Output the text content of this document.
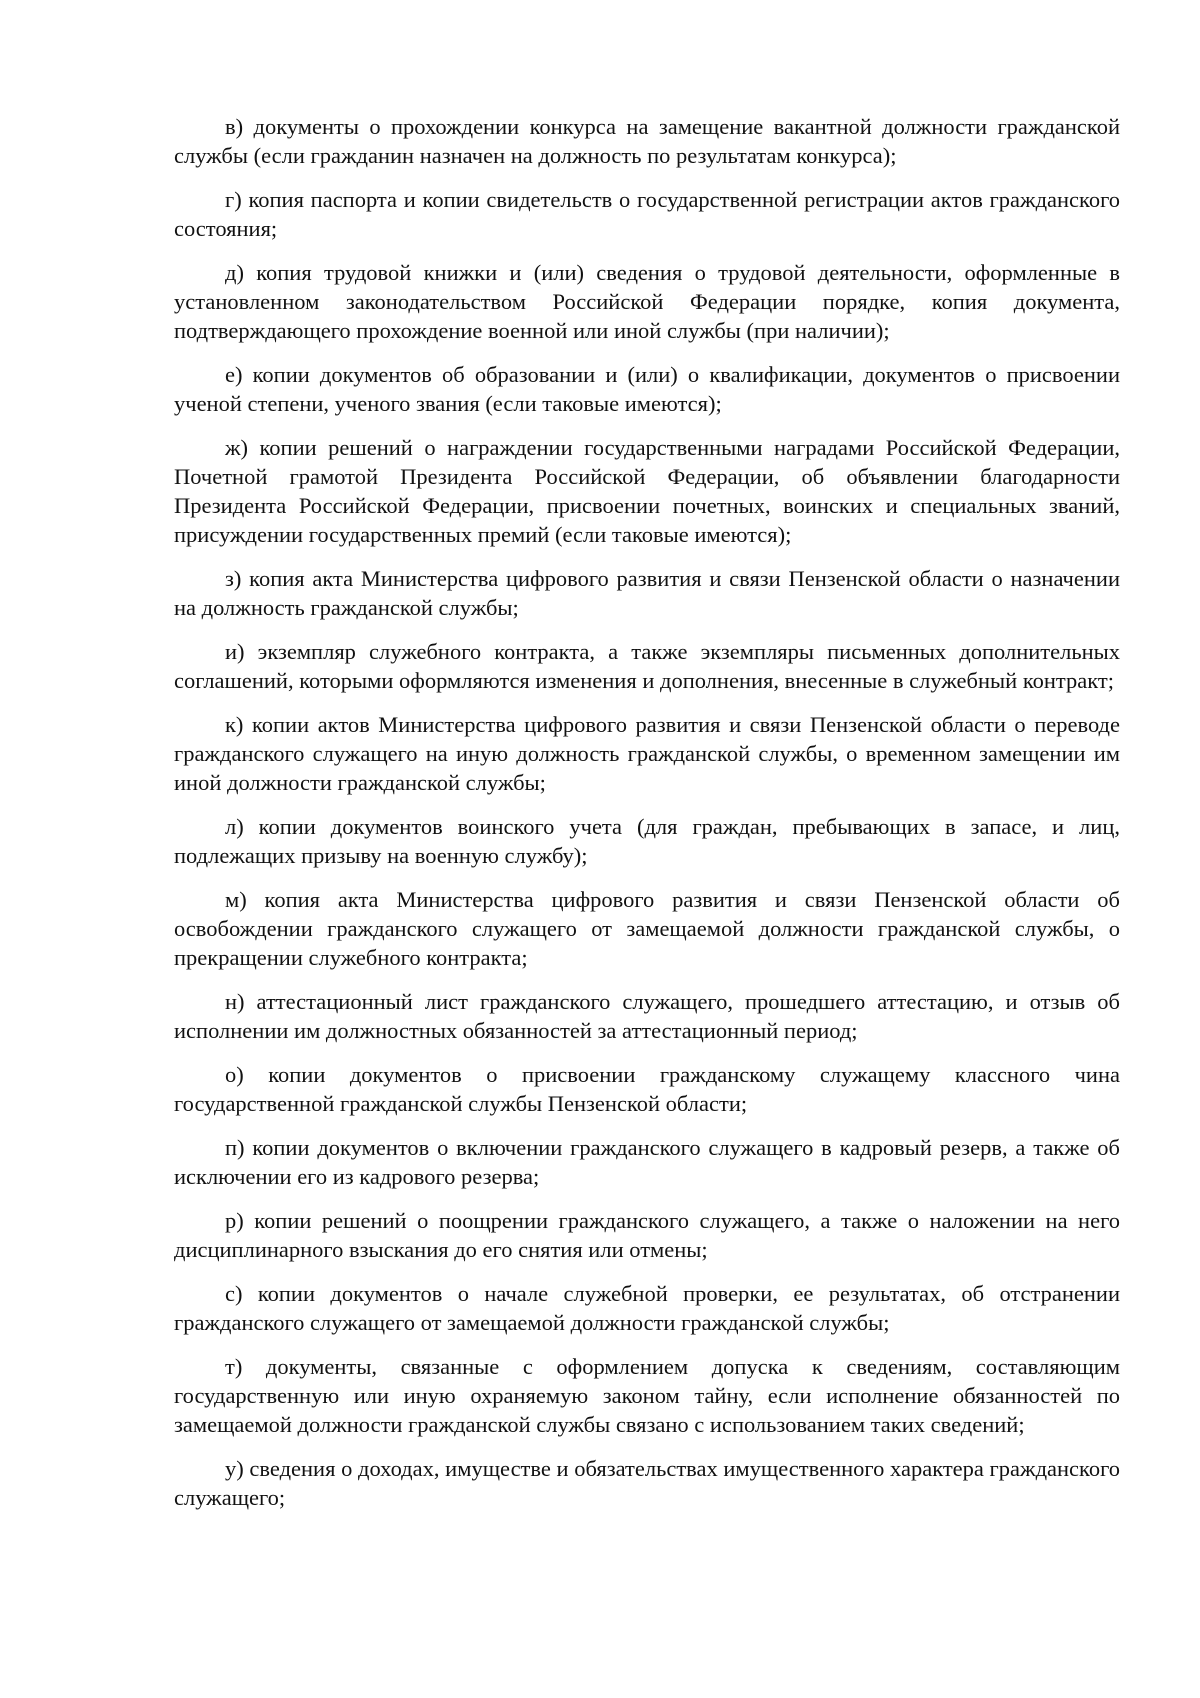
в) документы о прохождении конкурса на замещение вакантной должности гражданской службы (если гражданин назначен на должность по результатам конкурса);

г) копия паспорта и копии свидетельств о государственной регистрации актов гражданского состояния;

д) копия трудовой книжки и (или) сведения о трудовой деятельности, оформленные в установленном законодательством Российской Федерации порядке, копия документа, подтверждающего прохождение военной или иной службы (при наличии);

е) копии документов об образовании и (или) о квалификации, документов о присвоении ученой степени, ученого звания (если таковые имеются);

ж) копии решений о награждении государственными наградами Российской Федерации, Почетной грамотой Президента Российской Федерации, об объявлении благодарности Президента Российской Федерации, присвоении почетных, воинских и специальных званий, присуждении государственных премий (если таковые имеются);

з) копия акта Министерства цифрового развития и связи Пензенской области о назначении на должность гражданской службы;

и) экземпляр служебного контракта, а также экземпляры письменных дополнительных соглашений, которыми оформляются изменения и дополнения, внесенные в служебный контракт;

к) копии актов Министерства цифрового развития и связи Пензенской области о переводе гражданского служащего на иную должность гражданской службы, о временном замещении им иной должности гражданской службы;

л) копии документов воинского учета (для граждан, пребывающих в запасе, и лиц, подлежащих призыву на военную службу);

м) копия акта Министерства цифрового развития и связи Пензенской области об освобождении гражданского служащего от замещаемой должности гражданской службы, о прекращении служебного контракта;

н) аттестационный лист гражданского служащего, прошедшего аттестацию, и отзыв об исполнении им должностных обязанностей за аттестационный период;

о) копии документов о присвоении гражданскому служащему классного чина государственной гражданской службы Пензенской области;

п) копии документов о включении гражданского служащего в кадровый резерв, а также об исключении его из кадрового резерва;

р) копии решений о поощрении гражданского служащего, а также о наложении на него дисциплинарного взыскания до его снятия или отмены;

с) копии документов о начале служебной проверки, ее результатах, об отстранении гражданского служащего от замещаемой должности гражданской службы;

т) документы, связанные с оформлением допуска к сведениям, составляющим государственную или иную охраняемую законом тайну, если исполнение обязанностей по замещаемой должности гражданской службы связано с использованием таких сведений;

у) сведения о доходах, имуществе и обязательствах имущественного характера гражданского служащего;
